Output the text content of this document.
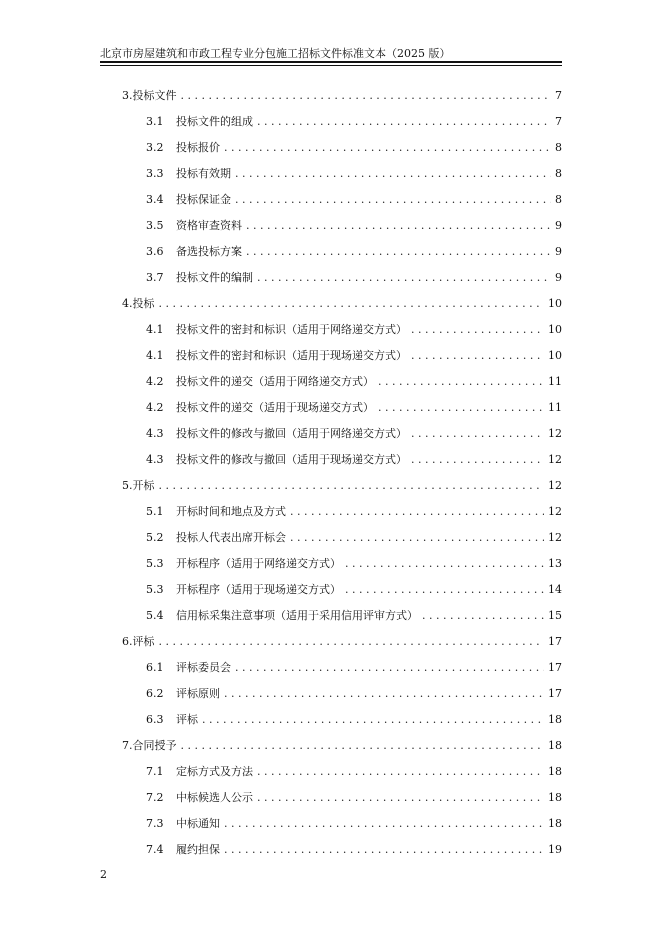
北京市房屋建筑和市政工程专业分包施工招标文件标准文本（2025 版）
3. 投标文件 . . .	7
3.1	投标文件的组成 . . .	7
3.2	投标报价 . . .	8
3.3	投标有效期 . . .	8
3.4	投标保证金 . . .	8
3.5	资格审查资料 . . .	9
3.6	备选投标方案 . . .	9
3.7	投标文件的编制 . . .	9
4. 投标 . . .	10
4.1	投标文件的密封和标识（适用于网络递交方式） . . .	10
4.1	投标文件的密封和标识（适用于现场递交方式） . . .	10
4.2	投标文件的递交（适用于网络递交方式） . . .	11
4.2	投标文件的递交（适用于现场递交方式） . . .	11
4.3	投标文件的修改与撤回（适用于网络递交方式） . . .	12
4.3	投标文件的修改与撤回（适用于现场递交方式） . . .	12
5. 开标 . . .	12
5.1	开标时间和地点及方式 . . .	12
5.2	投标人代表出席开标会 . . .	12
5.3	开标程序（适用于网络递交方式） . . .	13
5.3	开标程序（适用于现场递交方式） . . .	14
5.4	信用标采集注意事项（适用于采用信用评审方式） . . .	15
6. 评标 . . .	17
6.1	评标委员会 . . .	17
6.2	评标原则 . . .	17
6.3	评标 . . .	18
7. 合同授予 . . .	18
7.1	定标方式及方法 . . .	18
7.2	中标候选人公示 . . .	18
7.3	中标通知 . . .	18
7.4	履约担保 . . .	19
2
